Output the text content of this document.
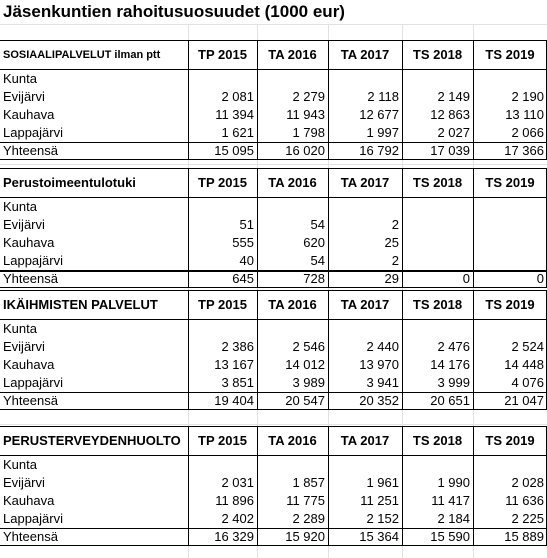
Jäsenkuntien rahoitusuosuudet (1000 eur)
SOSIAALIPALVELUT ilman ptt	TP 2015	TA 2016	TA 2017	TS 2018	TS 2019
Kunta
Evijärvi	2 081	2 279	2 118	2 149	2 190
Kauhava	11 394	11 943	12 677	12 863	13 110
Lappajärvi	1 621	1 798	1 997	2 027	2 066
Yhteensä	15 095	16 020	16 792	17 039	17 366
Perustoimeentulotuki	TP 2015	TA 2016	TA 2017	TS 2018	TS 2019
Kunta
Evijärvi	51	54	2
Kauhava	555	620	25
Lappajärvi	40	54	2
Yhteensä	645	728	29	0	0
IKÄIHMISTEN PALVELUT	TP 2015	TA 2016	TA 2017	TS 2018	TS 2019
Kunta
Evijärvi	2 386	2 546	2 440	2 476	2 524
Kauhava	13 167	14 012	13 970	14 176	14 448
Lappajärvi	3 851	3 989	3 941	3 999	4 076
Yhteensä	19 404	20 547	20 352	20 651	21 047
PERUSTERVEYDENHUOLTO	TP 2015	TA 2016	TA 2017	TS 2018	TS 2019
Kunta
Evijärvi	2 031	1 857	1 961	1 990	2 028
Kauhava	11 896	11 775	11 251	11 417	11 636
Lappajärvi	2 402	2 289	2 152	2 184	2 225
Yhteensä	16 329	15 920	15 364	15 590	15 889
